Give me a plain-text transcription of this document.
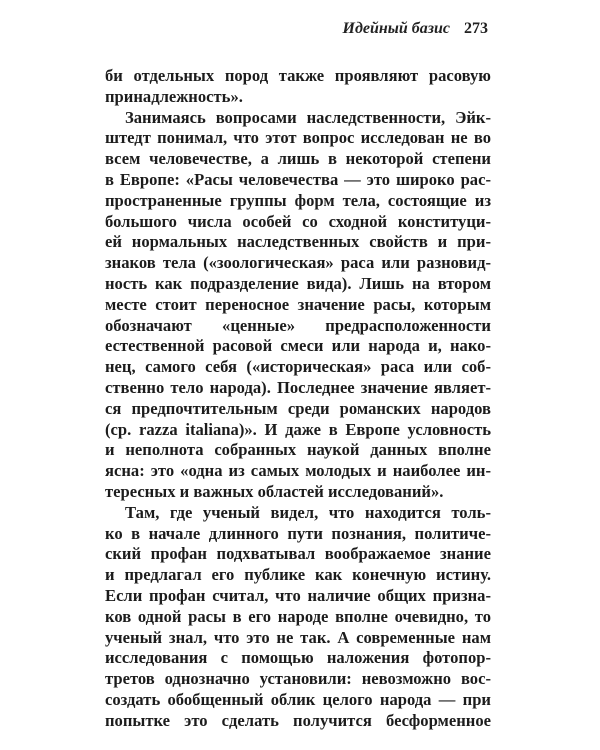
Идейный базис 273
би отдельных пород также проявляют расовую
принадлежность».
Занимаясь вопросами наследственности, Эйк-
штедт понимал, что этот вопрос исследован не во
всем человечестве, а лишь в некоторой степени
в Европе: «Расы человечества — это широко рас-
пространенные группы форм тела, состоящие из
большого числа особей со сходной конституци-
ей нормальных наследственных свойств и при-
знаков тела («зоологическая» раса или разновид-
ность как подразделение вида). Лишь на втором
месте стоит переносное значение расы, которым
обозначают «ценные» предрасположенности
естественной расовой смеси или народа и, нако-
нец, самого себя («историческая» раса или соб-
ственно тело народа). Последнее значение являет-
ся предпочтительным среди романских народов
(ср. razza italiana)». И даже в Европе условность
и неполнота собранных наукой данных вполне
ясна: это «одна из самых молодых и наиболее ин-
тересных и важных областей исследований».
Там, где ученый видел, что находится толь-
ко в начале длинного пути познания, политиче-
ский профан подхватывал воображаемое знание
и предлагал его публике как конечную истину.
Если профан считал, что наличие общих призна-
ков одной расы в его народе вполне очевидно, то
ученый знал, что это не так. А современные нам
исследования с помощью наложения фотопор-
третов однозначно установили: невозможно вос-
создать обобщенный облик целого народа — при
попытке это сделать получится бесформенное
